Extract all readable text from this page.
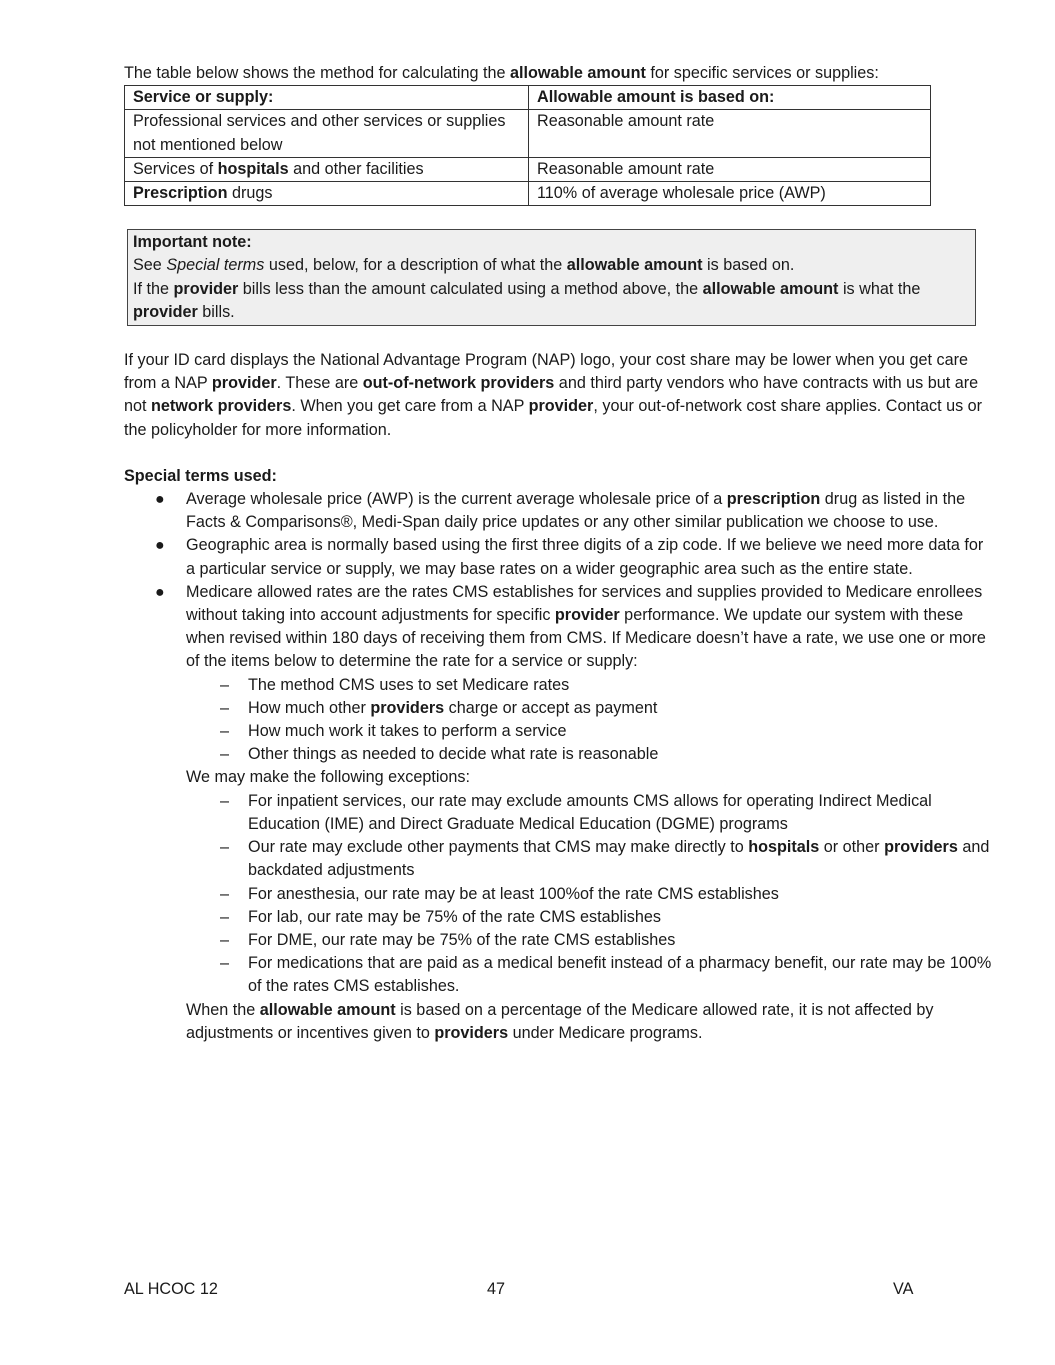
The table below shows the method for calculating the allowable amount for specific services or supplies:

Service or supply:	Allowable amount is based on:
Professional services and other services or supplies not mentioned below	Reasonable amount rate
Services of hospitals and other facilities	Reasonable amount rate
Prescription drugs	110% of average wholesale price (AWP)

Important note:

See Special terms used, below, for a description of what the allowable amount is based on.

If the provider bills less than the amount calculated using a method above, the allowable amount is what the provider bills.

If your ID card displays the National Advantage Program (NAP) logo, your cost share may be lower when you get care from a NAP provider. These are out-of-network providers and third party vendors who have contracts with us but are not network providers. When you get care from a NAP provider, your out-of-network cost share applies. Contact us or the policyholder for more information.

Special terms used:

● Average wholesale price (AWP) is the current average wholesale price of a prescription drug as listed in the Facts & Comparisons®, Medi-Span daily price updates or any other similar publication we choose to use.
● Geographic area is normally based using the first three digits of a zip code. If we believe we need more data for a particular service or supply, we may base rates on a wider geographic area such as the entire state.
● Medicare allowed rates are the rates CMS establishes for services and supplies provided to Medicare enrollees without taking into account adjustments for specific provider performance. We update our system with these when revised within 180 days of receiving them from CMS. If Medicare doesn’t have a rate, we use one or more of the items below to determine the rate for a service or supply:
– The method CMS uses to set Medicare rates
– How much other providers charge or accept as payment
– How much work it takes to perform a service
– Other things as needed to decide what rate is reasonable

We may make the following exceptions:

– For inpatient services, our rate may exclude amounts CMS allows for operating Indirect Medical Education (IME) and Direct Graduate Medical Education (DGME) programs
– Our rate may exclude other payments that CMS may make directly to hospitals or other providers and backdated adjustments
– For anesthesia, our rate may be at least 100%of the rate CMS establishes
– For lab, our rate may be 75% of the rate CMS establishes
– For DME, our rate may be 75% of the rate CMS establishes
– For medications that are paid as a medical benefit instead of a pharmacy benefit, our rate may be 100% of the rates CMS establishes.

When the allowable amount is based on a percentage of the Medicare allowed rate, it is not affected by adjustments or incentives given to providers under Medicare programs.

AL HCOC 12	47	VA
